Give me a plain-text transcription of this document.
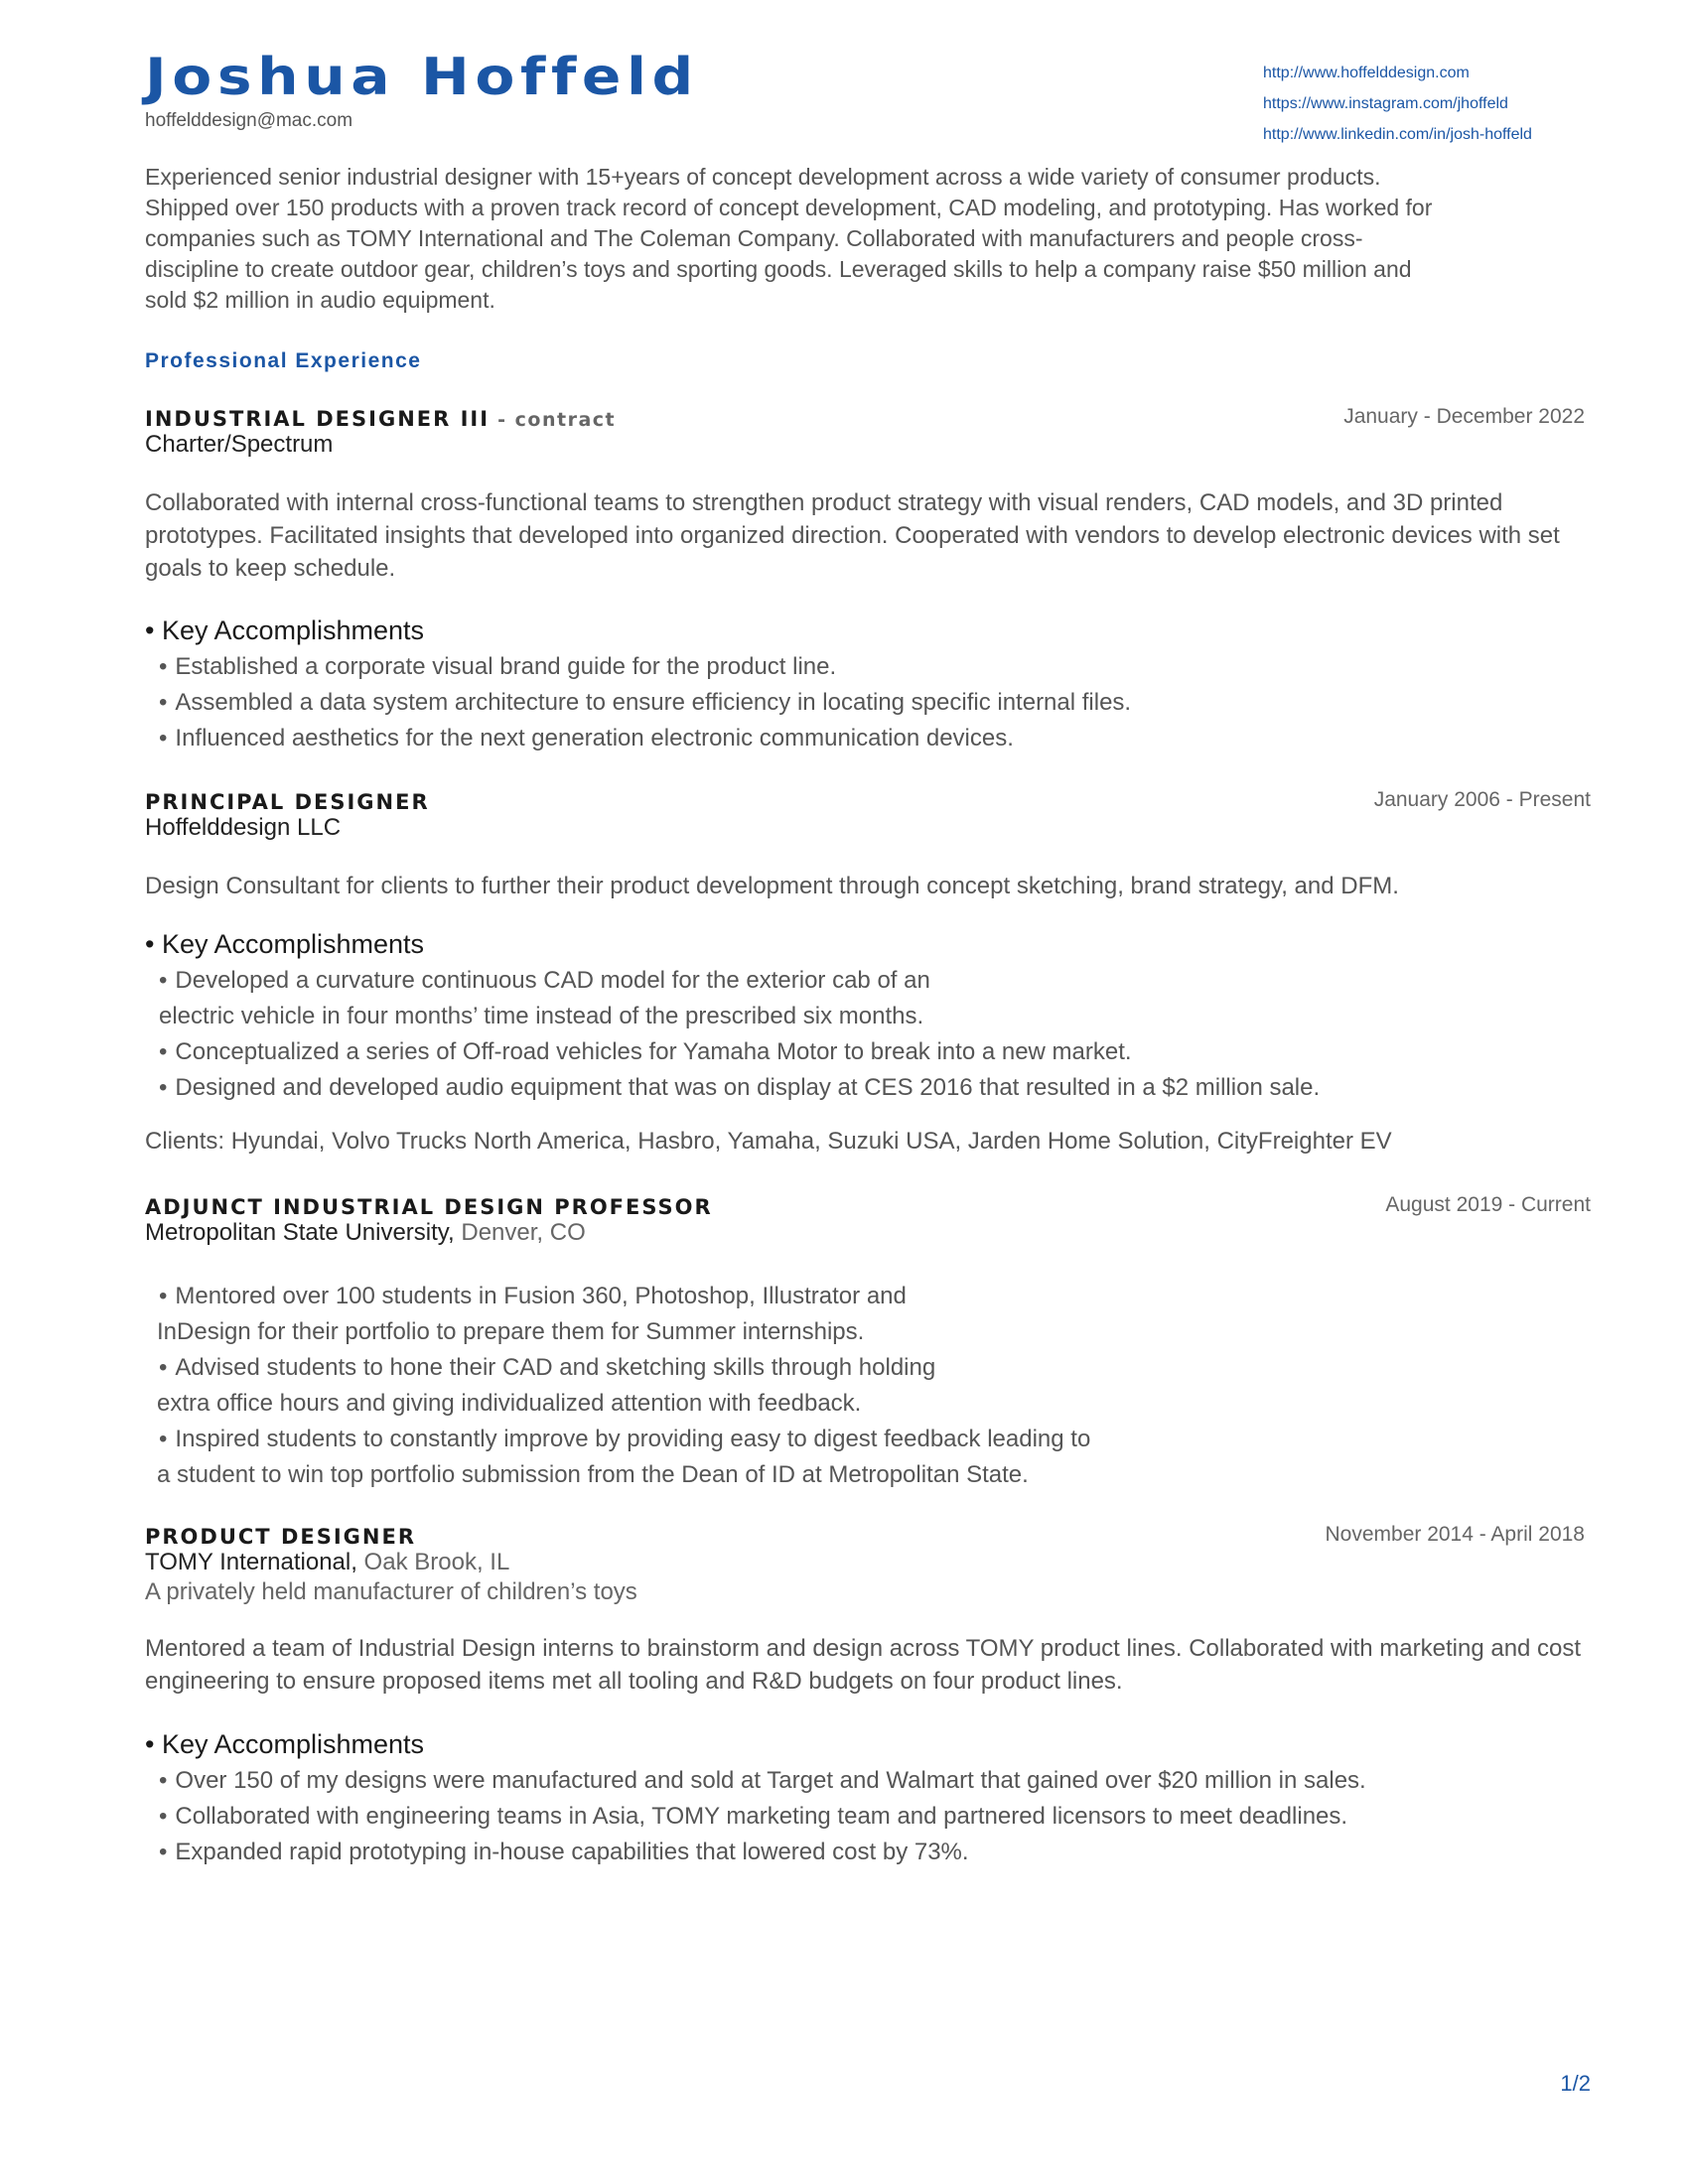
Joshua Hoffeld
hoffelddesign@mac.com
http://www.hoffelddesign.com
https://www.instagram.com/jhoffeld
http://www.linkedin.com/in/josh-hoffeld
Experienced senior industrial designer with 15+years of concept development across a wide variety of consumer products. Shipped over 150 products with a proven track record of concept development, CAD modeling, and prototyping. Has worked for companies such as TOMY International and The Coleman Company. Collaborated with manufacturers and people cross-discipline to create outdoor gear, children’s toys and sporting goods. Leveraged skills to help a company raise $50 million and sold $2 million in audio equipment.
Professional Experience
INDUSTRIAL DESIGNER III - contract	January - December 2022
Charter/Spectrum
Collaborated with internal cross-functional teams to strengthen product strategy with visual renders, CAD models, and 3D printed prototypes. Facilitated insights that developed into organized direction. Cooperated with vendors to develop electronic devices with set goals to keep schedule.
• Key Accomplishments
• Established a corporate visual brand guide for the product line.
• Assembled a data system architecture to ensure efficiency in locating specific internal files.
• Influenced aesthetics for the next generation electronic communication devices.
PRINCIPAL DESIGNER	January 2006 - Present
Hoffelddesign LLC
Design Consultant for clients to further their product development through concept sketching, brand strategy, and DFM.
• Key Accomplishments
• Developed a curvature continuous CAD model for the exterior cab of an
electric vehicle in four months’ time instead of the prescribed six months.
• Conceptualized a series of Off-road vehicles for Yamaha Motor to break into a new market.
• Designed and developed audio equipment that was on display at CES 2016 that resulted in a $2 million sale.
Clients: Hyundai, Volvo Trucks North America, Hasbro, Yamaha, Suzuki USA, Jarden Home Solution, CityFreighter EV
ADJUNCT INDUSTRIAL DESIGN PROFESSOR	August 2019 - Current
Metropolitan State University, Denver, CO
• Mentored over 100 students in Fusion 360, Photoshop, Illustrator and
InDesign for their portfolio to prepare them for Summer internships.
• Advised students to hone their CAD and sketching skills through holding
extra office hours and giving individualized attention with feedback.
• Inspired students to constantly improve by providing easy to digest feedback leading to
a student to win top portfolio submission from the Dean of ID at Metropolitan State.
PRODUCT DESIGNER	November 2014 - April 2018
TOMY International, Oak Brook, IL
A privately held manufacturer of children’s toys
Mentored a team of Industrial Design interns to brainstorm and design across TOMY product lines. Collaborated with marketing and cost engineering to ensure proposed items met all tooling and R&D budgets on four product lines.
• Key Accomplishments
• Over 150 of my designs were manufactured and sold at Target and Walmart that gained over $20 million in sales.
• Collaborated with engineering teams in Asia, TOMY marketing team and partnered licensors to meet deadlines.
• Expanded rapid prototyping in-house capabilities that lowered cost by 73%.
1/2
